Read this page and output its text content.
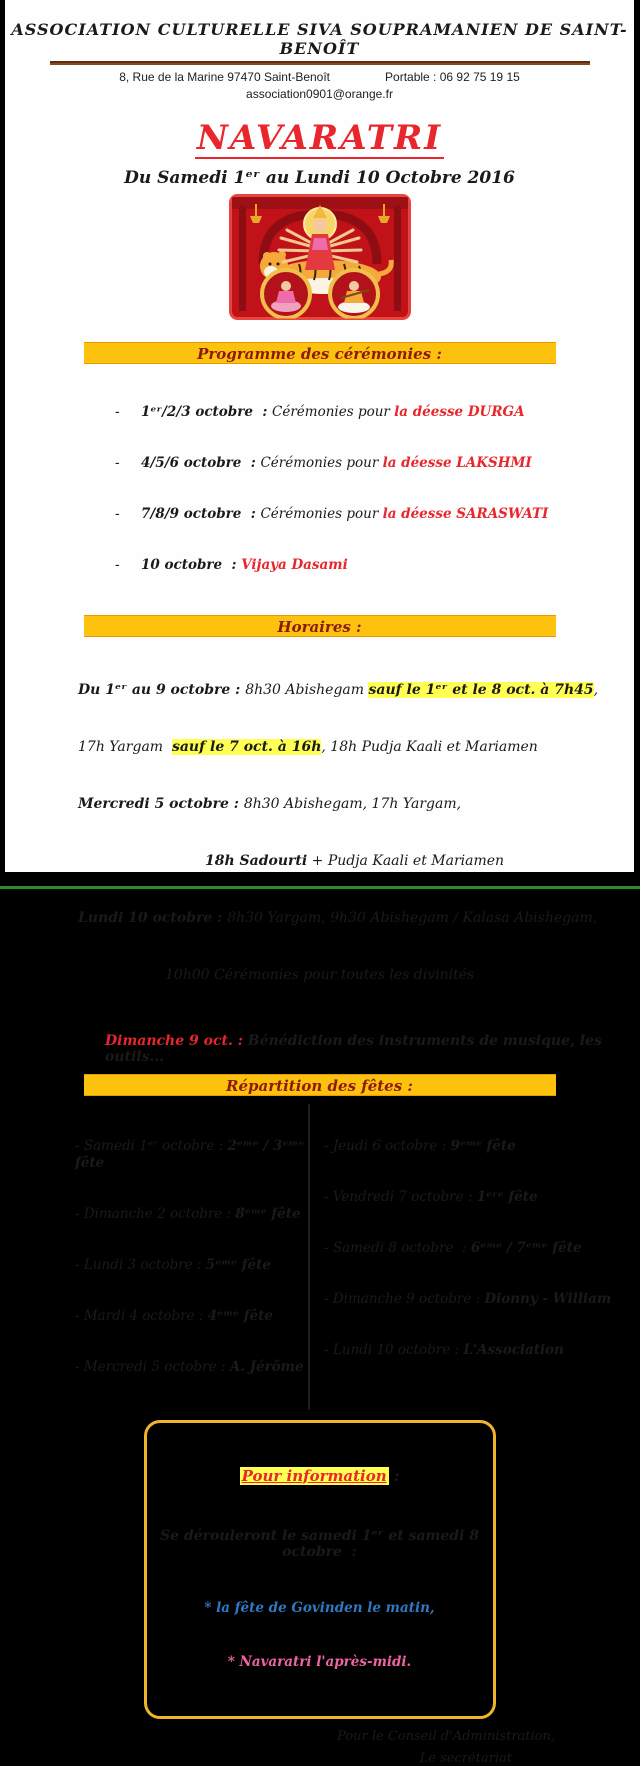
ASSOCIATION CULTURELLE SIVA SOUPRAMANIEN DE SAINT-BENOÎT
8, Rue de la Marine 97470 Saint-Benoît	Portable : 06 92 75 19 15
association0901@orange.fr
NAVARATRI
Du Samedi 1ᵉʳ au Lundi 10 Octobre 2016
Programme des cérémonies :

- 1ᵉʳ/2/3 octobre  : Cérémonies pour la déesse DURGA

- 4/5/6 octobre  : Cérémonies pour la déesse LAKSHMI

- 7/8/9 octobre  : Cérémonies pour la déesse SARASWATI

- 10 octobre  : Vijaya Dasami

Horaires :

Du 1ᵉʳ au 9 octobre : 8h30 Abishegam sauf le 1ᵉʳ et le 8 oct. à 7h45,

17h Yargam  sauf le 7 oct. à 16h, 18h Pudja Kaali et Mariamen

Mercredi 5 octobre : 8h30 Abishegam, 17h Yargam,

18h Sadourti + Pudja Kaali et Mariamen

Lundi 10 octobre : 8h30 Yargam, 9h30 Abishegam / Kalasa Abishegam,

10h00 Cérémonies pour toutes les divinités

Dimanche 9 oct. : Bénédiction des instruments de musique, les outils...
Répartition des fêtes :

- Samedi 1ᵉʳ octobre : 2ᵉᵐᵉ / 3ᵉᵐᵉ fête

- Dimanche 2 octobre : 8ᵉᵐᵉ fête

- Lundi 3 octobre : 5ᵉᵐᵉ fête

- Mardi 4 octobre : 4ᵉᵐᵉ fête

- Mercredi 5 octobre : A. Jérôme

- Jeudi 6 octobre : 9ᵉᵐᵉ fête

- Vendredi 7 octobre : 1ᵉʳᵉ fête

- Samedi 8 octobre  : 6ᵉᵐᵉ / 7ᵉᵐᵉ fête

- Dimanche 9 octobre : Dionny - William

- Lundi 10 octobre : L'Association

Pour information :

Se dérouleront le samedi 1ᵉʳ et samedi 8 octobre  :

* la fête de Govinden le matin,

* Navaratri l'après-midi.

Pour le Conseil d'Administration,
Le secrétariat
